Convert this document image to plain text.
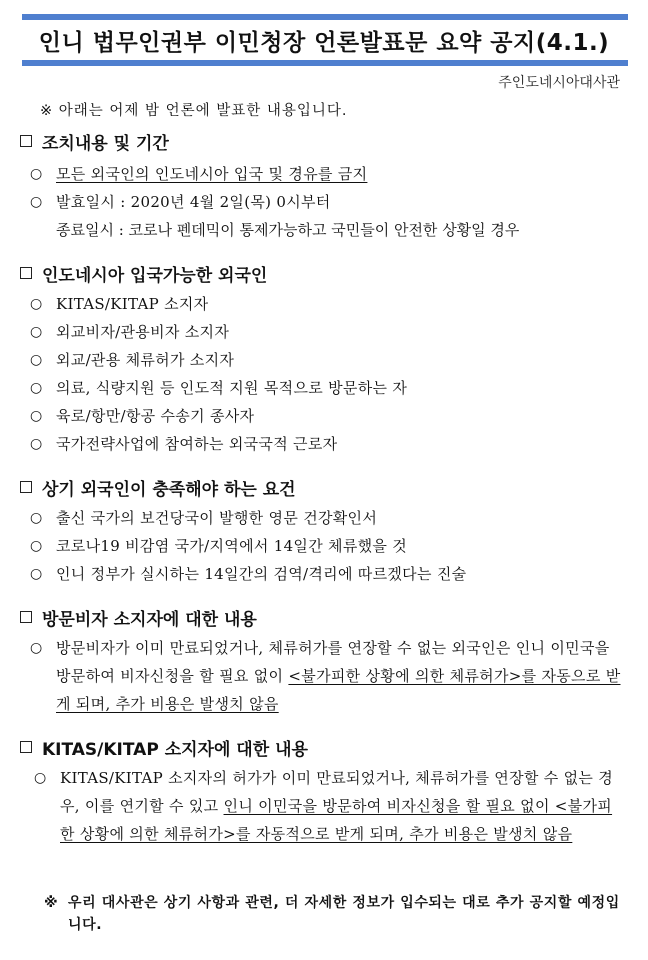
인니 법무인권부 이민청장 언론발표문 요약 공지(4.1.)
주인도네시아대사관
※ 아래는 어제 밤 언론에 발표한 내용입니다.
조치내용 및 기간
○ 모든 외국인의 인도네시아 입국 및 경유를 금지
○ 발효일시 : 2020년 4월 2일(목) 0시부터
종료일시 : 코로나 펜데믹이 통제가능하고 국민들이 안전한 상황일 경우
인도네시아 입국가능한 외국인
○ KITAS/KITAP 소지자
○ 외교비자/관용비자 소지자
○ 외교/관용 체류허가 소지자
○ 의료, 식량지원 등 인도적 지원 목적으로 방문하는 자
○ 육로/항만/항공 수송기 종사자
○ 국가전략사업에 참여하는 외국국적 근로자
상기 외국인이 충족해야 하는 요건
○ 출신 국가의 보건당국이 발행한 영문 건강확인서
○ 코로나19 비감염 국가/지역에서 14일간 체류했을 것
○ 인니 정부가 실시하는 14일간의 검역/격리에 따르겠다는 진술
방문비자 소지자에 대한 내용
○ 방문비자가 이미 만료되었거나, 체류허가를 연장할 수 없는 외국인은 인니 이민국을 방문하여 비자신청을 할 필요 없이 <불가피한 상황에 의한 체류허가>를 자동으로 받게 되며, 추가 비용은 발생치 않음
KITAS/KITAP 소지자에 대한 내용
○ KITAS/KITAP 소지자의 허가가 이미 만료되었거나, 체류허가를 연장할 수 없는 경우, 이를 연기할 수 있고 인니 이민국을 방문하여 비자신청을 할 필요 없이 <불가피한 상황에 의한 체류허가>를 자동적으로 받게 되며, 추가 비용은 발생치 않음
※ 우리 대사관은 상기 사항과 관련, 더 자세한 정보가 입수되는 대로 추가 공지할 예정입니다.
